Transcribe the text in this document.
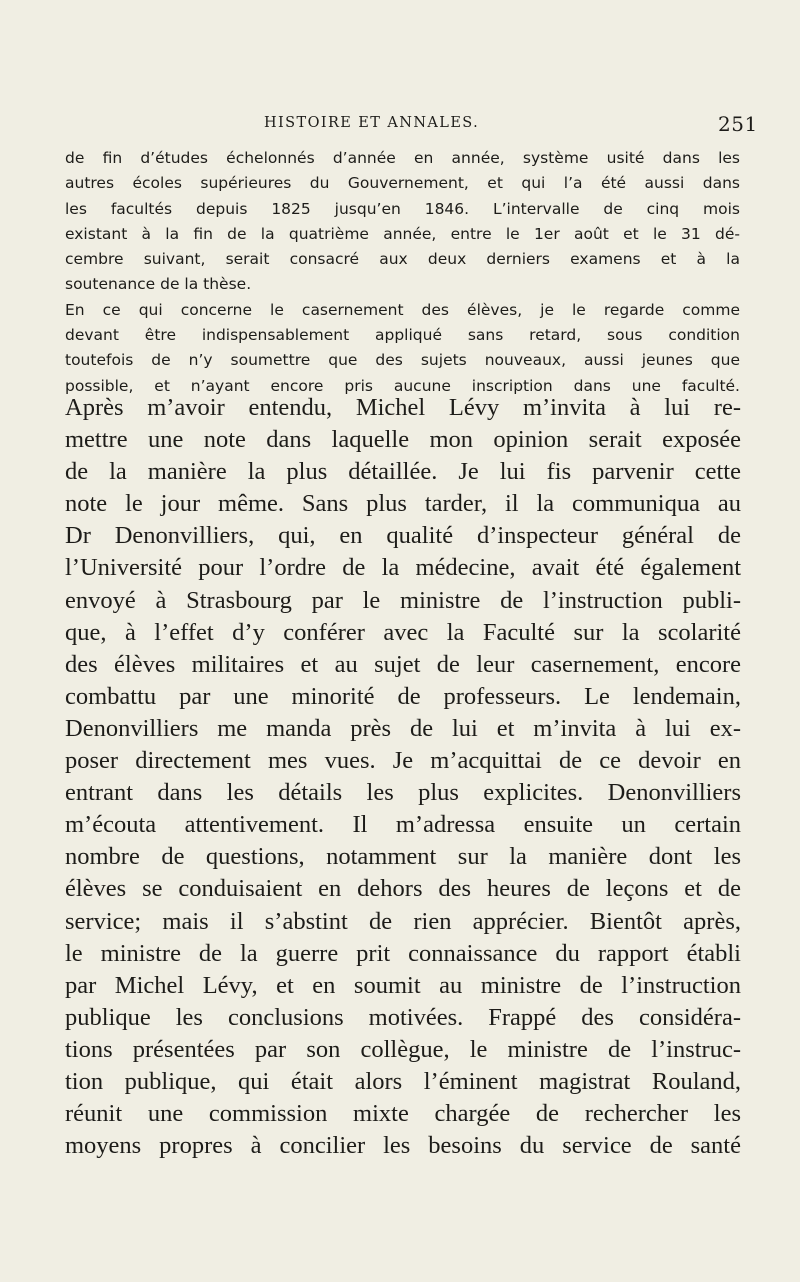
HISTOIRE ET ANNALES.	251

de fin d’études échelonnés d’année en année, système usité dans les
autres écoles supérieures du Gouvernement, et qui l’a été aussi dans
les facultés depuis 1825 jusqu’en 1846. L’intervalle de cinq mois
existant à la fin de la quatrième année, entre le 1er août et le 31 dé-
cembre suivant, serait consacré aux deux derniers examens et à la
soutenance de la thèse.

En ce qui concerne le casernement des élèves, je le regarde comme
devant être indispensablement appliqué sans retard, sous condition
toutefois de n’y soumettre que des sujets nouveaux, aussi jeunes que
possible, et n’ayant encore pris aucune inscription dans une faculté.

Après m’avoir entendu, Michel Lévy m’invita à lui re-
mettre une note dans laquelle mon opinion serait exposée
de la manière la plus détaillée. Je lui fis parvenir cette
note le jour même. Sans plus tarder, il la communiqua au
Dr Denonvilliers, qui, en qualité d’inspecteur général de
l’Université pour l’ordre de la médecine, avait été également
envoyé à Strasbourg par le ministre de l’instruction publi-
que, à l’effet d’y conférer avec la Faculté sur la scolarité
des élèves militaires et au sujet de leur casernement, encore
combattu par une minorité de professeurs. Le lendemain,
Denonvilliers me manda près de lui et m’invita à lui ex-
poser directement mes vues. Je m’acquittai de ce devoir en
entrant dans les détails les plus explicites. Denonvilliers
m’écouta attentivement. Il m’adressa ensuite un certain
nombre de questions, notamment sur la manière dont les
élèves se conduisaient en dehors des heures de leçons et de
service; mais il s’abstint de rien apprécier. Bientôt après,
le ministre de la guerre prit connaissance du rapport établi
par Michel Lévy, et en soumit au ministre de l’instruction
publique les conclusions motivées. Frappé des considéra-
tions présentées par son collègue, le ministre de l’instruc-
tion publique, qui était alors l’éminent magistrat Rouland,
réunit une commission mixte chargée de rechercher les
moyens propres à concilier les besoins du service de santé
